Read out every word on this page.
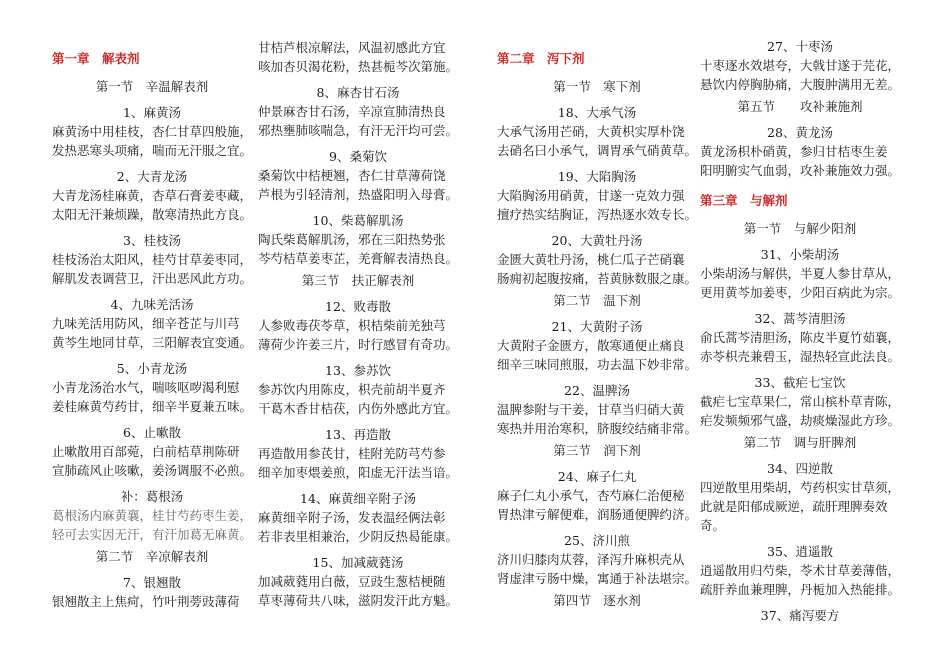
第一章　解表剂
第一节　辛温解表剂
1、麻黄汤
麻黄汤中用桂枝，杏仁甘草四般施，
发热恶寒头项痛，喘而无汗服之宜。
2、大青龙汤
大青龙汤桂麻黄，杏草石膏姜枣藏，
太阳无汗兼烦躁，散寒清热此方良。
3、桂枝汤
桂枝汤治太阳风，桂芍甘草姜枣同，
解肌发表调营卫，汗出恶风此方功。
4、九味羌活汤
九味羌活用防风，细辛苍芷与川芎
黄芩生地同甘草，三阳解表宜变通。
5、小青龙汤
小青龙汤治水气，喘咳呕哕渴利慰
姜桂麻黄芍药甘，细辛半夏兼五味。
6、止嗽散
止嗽散用百部菀，白前桔草荆陈研
宣肺疏风止咳嗽，姜汤调服不必煎。
补：葛根汤
葛根汤内麻黄襄，桂甘芍药枣生姜，
轻可去实因无汗，有汗加葛无麻黄。
第二节　辛凉解表剂
7、银翘散
银翘散主上焦疴，竹叶荆蒡豉薄荷
甘桔芦根凉解法，风温初感此方宜
咳加杏贝渴花粉，热甚栀芩次第施。
8、麻杏甘石汤
仲景麻杏甘石汤，辛凉宣肺清热良
邪热壅肺咳喘急，有汗无汗均可尝。
9、桑菊饮
桑菊饮中桔梗翘，杏仁甘草薄荷饶
芦根为引轻清剂，热盛阳明入母膏。
10、柴葛解肌汤
陶氏柴葛解肌汤，邪在三阳热势张
芩芍桔草姜枣芷，羌膏解表清热良。
第三节　扶正解表剂
12、败毒散
人参败毒茯苓草，枳桔柴前羌独芎
薄荷少许姜三片，时行感冒有奇功。
13、参苏饮
参苏饮内用陈皮，枳壳前胡半夏齐
干葛木香甘桔茯，内伤外感此方宜。
13、再造散
再造散用参芪甘，桂附羌防芎芍参
细辛加枣煨姜煎，阳虚无汗法当谙。
14、麻黄细辛附子汤
麻黄细辛附子汤，发表温经俩法彰
若非表里相兼治，少阴反热曷能康。
15、加减葳蕤汤
加减葳蕤用白薇，豆豉生葱桔梗随
草枣薄荷共八味，滋阴发汗此方魁。
第二章　泻下剂
第一节　寒下剂
18、大承气汤
大承气汤用芒硝，大黄枳实厚朴饶
去硝名曰小承气，调胃承气硝黄草。
19、大陷胸汤
大陷胸汤用硝黄，甘遂一克效力强
擅疗热实结胸证，泻热逐水效专长。
20、大黄牡丹汤
金匮大黄牡丹汤，桃仁瓜子芒硝襄
肠痈初起腹按痛，苔黄脉数服之康。
第二节　温下剂
21、大黄附子汤
大黄附子金匮方，散寒通便止痛良
细辛三味同煎服，功去温下妙非常。
22、温脾汤
温脾参附与干姜，甘草当归硝大黄
寒热并用治寒积，脐腹绞结痛非常。
第三节　润下剂
24、麻子仁丸
麻子仁丸小承气，杏芍麻仁治便秘
胃热津亏解便难，润肠通便脾约济。
25、济川煎
济川归膝肉苁蓉，泽泻升麻枳壳从
肾虚津亏肠中燥，寓通于补法堪宗。
第四节　逐水剂
27、十枣汤
十枣逐水效堪夸，大戟甘遂于芫花，
悬饮内停胸胁痛，大腹肿满用无差。
第五节　　攻补兼施剂
28、黄龙汤
黄龙汤枳朴硝黄，参归甘桔枣生姜
阳明腑实气血弱，攻补兼施效力强。
第三章　与解剂
第一节　与解少阳剂
31、小柴胡汤
小柴胡汤与解供，半夏人参甘草从，
更用黄芩加姜枣，少阳百病此为宗。
32、蒿芩清胆汤
俞氏蒿芩清胆汤，陈皮半夏竹茹襄，
赤苓枳壳兼碧玉，湿热轻宣此法良。
33、截疟七宝饮
截疟七宝草果仁，常山槟朴草青陈，
疟发频频邪气盛，劫痰燥湿此方珍。
第二节　调与肝脾剂
34、四逆散
四逆散里用柴胡，芍药枳实甘草须，
此就是阳郁成厥逆，疏肝理脾奏效奇。
35、逍遥散
逍遥散用归芍柴，苓术甘草姜薄偕，
疏肝养血兼理脾，丹栀加入热能排。
37、痛泻要方
